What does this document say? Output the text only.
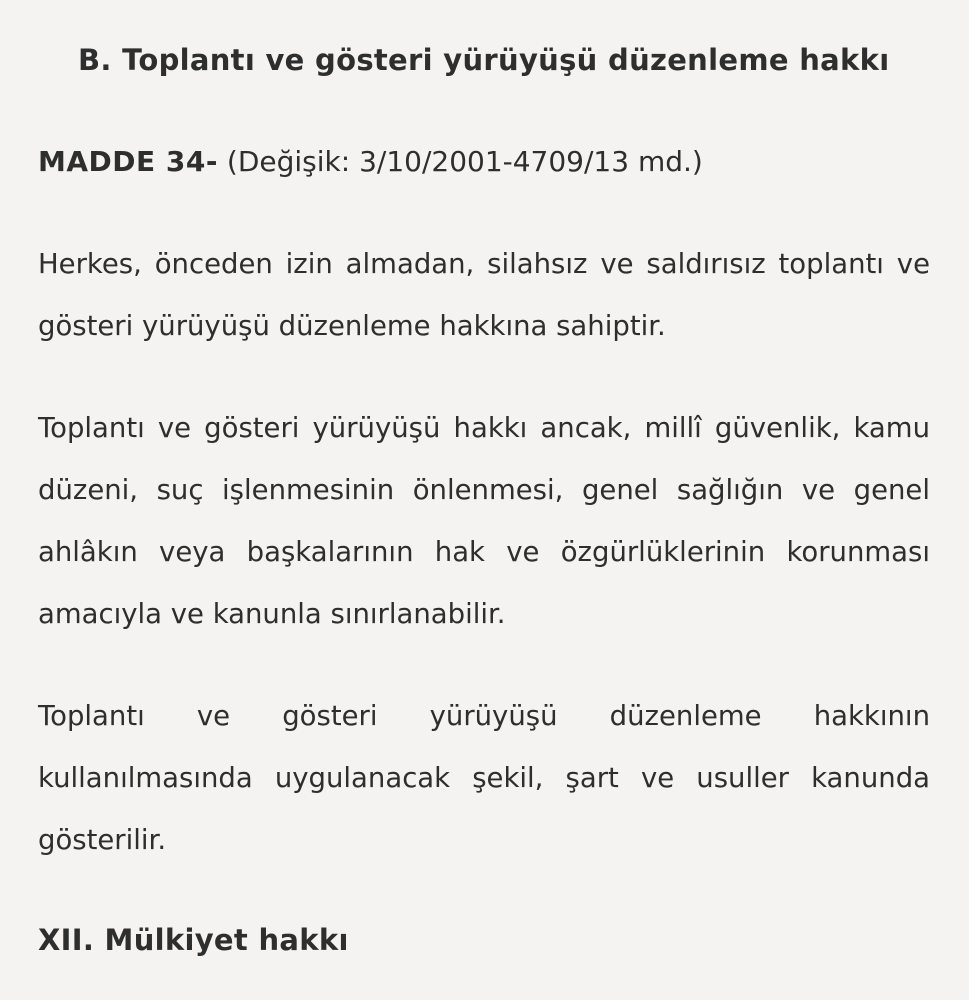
B. Toplantı ve gösteri yürüyüşü düzenleme hakkı

MADDE 34- (Değişik: 3/10/2001-4709/13 md.)

Herkes, önceden izin almadan, silahsız ve saldırısız toplantı ve gösteri yürüyüşü düzenleme hakkına sahiptir.

Toplantı ve gösteri yürüyüşü hakkı ancak, millî güvenlik, kamu düzeni, suç işlenmesinin önlenmesi, genel sağlığın ve genel ahlâkın veya başkalarının hak ve özgürlüklerinin korunması amacıyla ve kanunla sınırlanabilir.

Toplantı ve gösteri yürüyüşü düzenleme hakkının kullanılmasında uygulanacak şekil, şart ve usuller kanunda gösterilir.

XII. Mülkiyet hakkı
